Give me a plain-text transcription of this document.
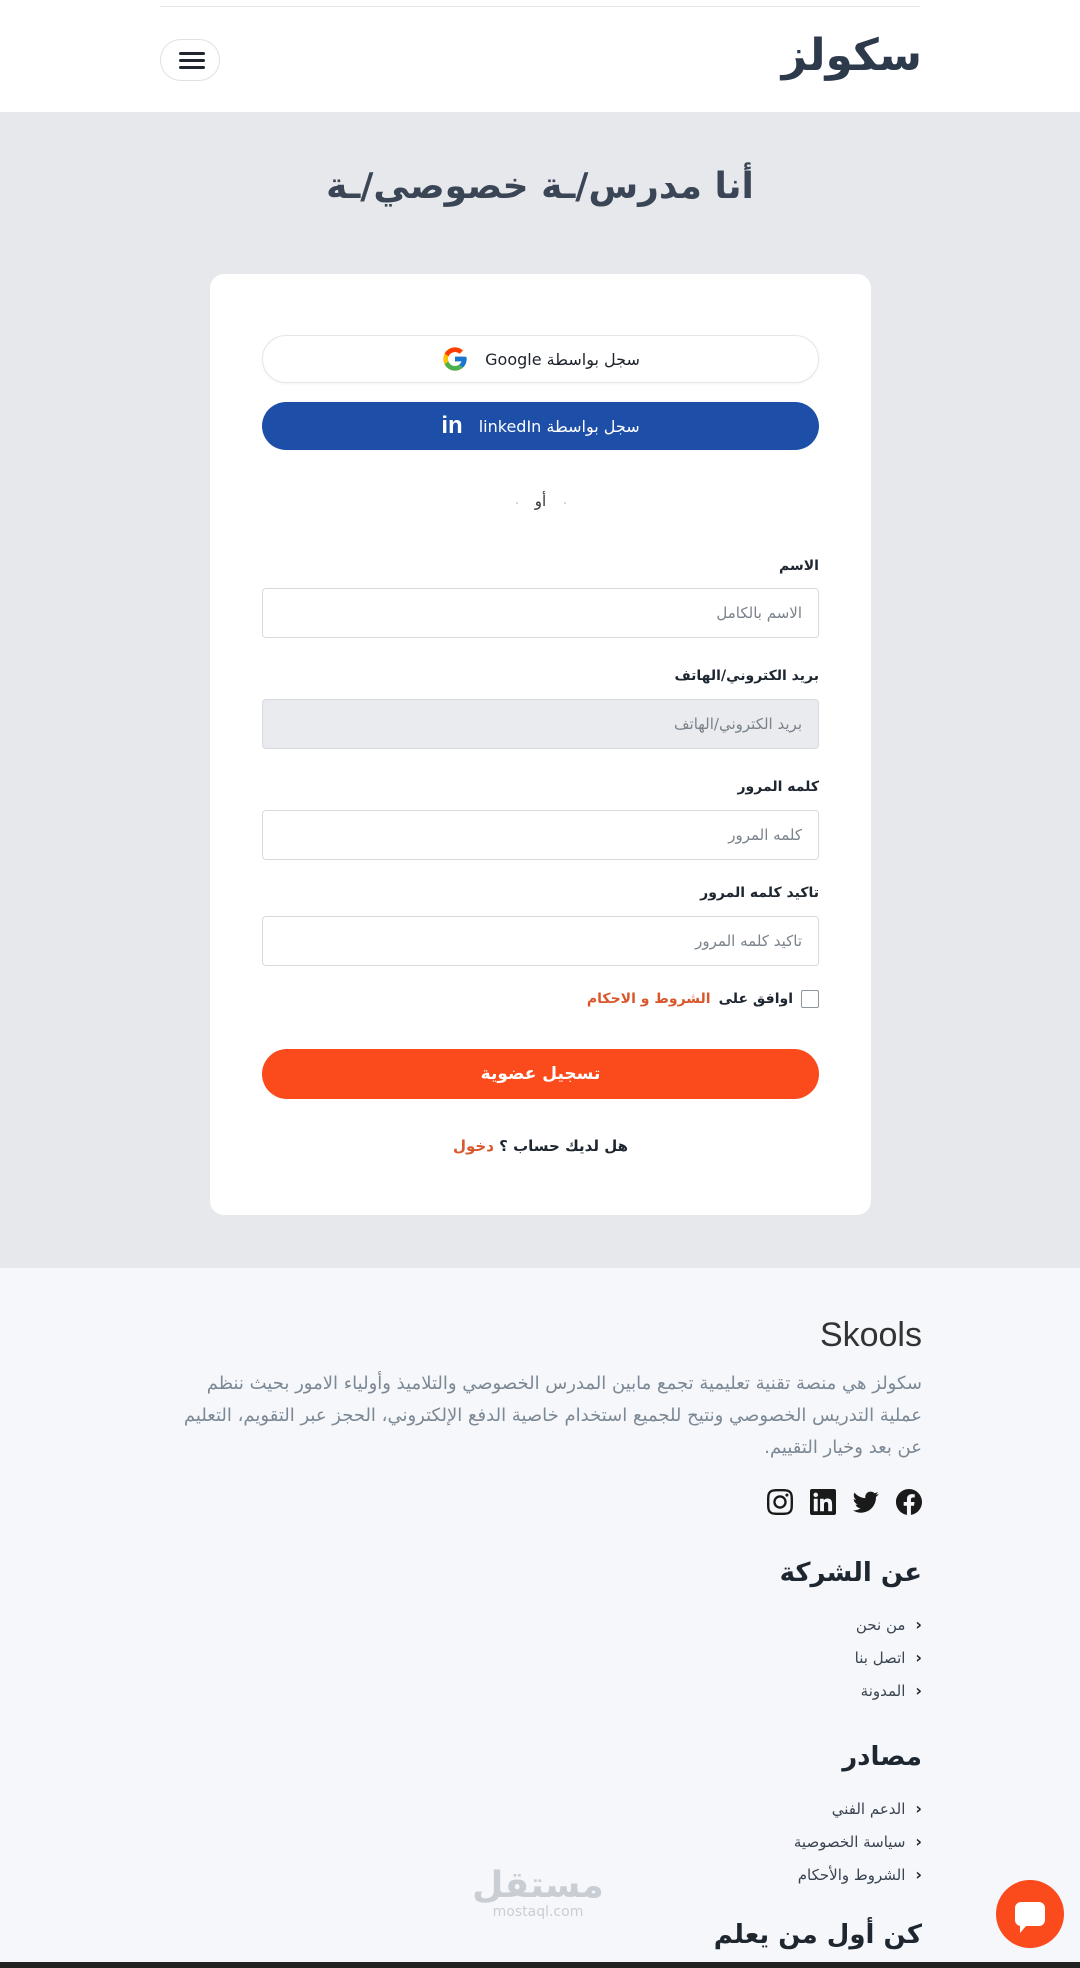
سكولز
أنا مدرس/ـة خصوصي/ـة
سجل بواسطة Google
سجل بواسطة linkedIn
in
أو
الاسم
الاسم بالكامل
بريد الكتروني/الهاتف
بريد الكتروني/الهاتف
كلمه المرور
تاكيد كلمه المرور
اوافق على
الشروط و الاحكام
تسجيل عضوية
هل لديك حساب ؟ دخول
Skools

سكولز هي منصة تقنية تعليمية تجمع مابين المدرس الخصوصي والتلاميذ وأولياء الامور بحيث ننظم عملية التدريس الخصوصي ونتيح للجميع استخدام خاصية الدفع الإلكتروني، الحجز عبر التقويم، التعليم عن بعد وخيار التقييم.

عن الشركة
‹
من نحن
‹
اتصل بنا
‹
المدونة
مصادر
‹
الدعم الفني
‹
سياسة الخصوصية
‹
الشروط والأحكام
كن أول من يعلم
مستقل
mostaql.com
